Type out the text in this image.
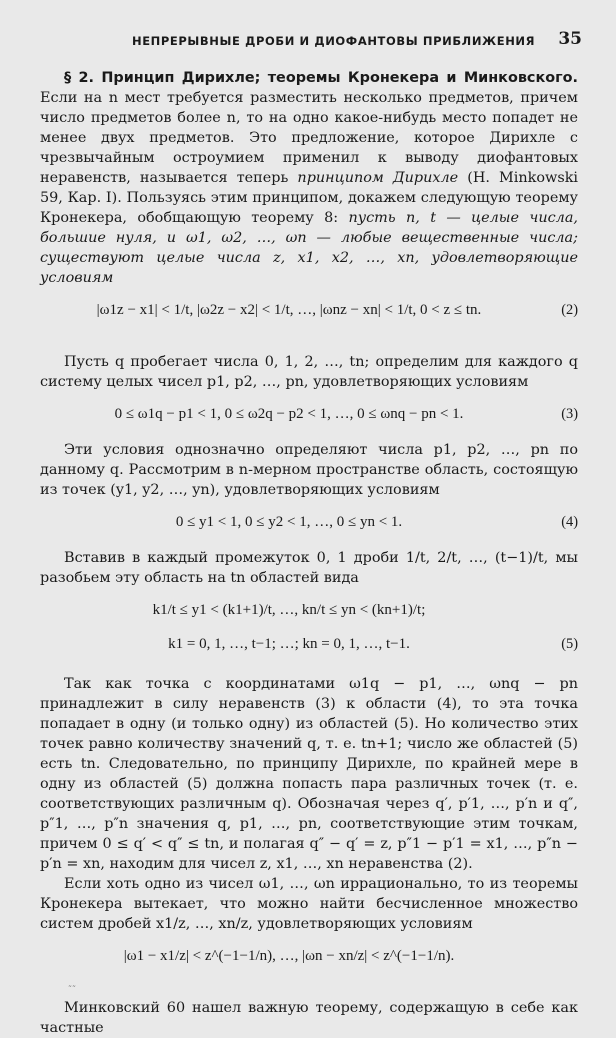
НЕПРЕРЫВНЫЕ ДРОБИ И ДИОФАНТОВЫ ПРИБЛИЖЕНИЯ 35

§ 2. Принцип Дирихле; теоремы Кронекера и Минковского. Если на n мест требуется разместить несколько предметов, причем число предметов более n, то на одно какое-нибудь место попадет не менее двух предметов. Это предложение, которое Дирихле с чрезвычайным остроумием применил к выводу диофантовых неравенств, называется теперь принципом Дирихле (H. Minkowski 59, Кар. I). Пользуясь этим принципом, докажем следующую теорему Кронекера, обобщающую теорему 8: пусть n, t — целые числа, большие нуля, и ω1, ω2, …, ωn — любые вещественные числа; существуют целые числа z, x1, x2, …, xn, удовлетворяющие условиям

|ω1z − x1| < 1/t, |ω2z − x2| < 1/t, …, |ωnz − xn| < 1/t, 0 < z ≤ tn.	(2)

Пусть q пробегает числа 0, 1, 2, …, tn; определим для каждого q систему целых чисел p1, p2, …, pn, удовлетворяющих условиям

0 ≤ ω1q − p1 < 1, 0 ≤ ω2q − p2 < 1, …, 0 ≤ ωnq − pn < 1.	(3)

Эти условия однозначно определяют числа p1, p2, …, pn по данному q. Рассмотрим в n-мерном пространстве область, состоящую из точек (y1, y2, …, yn), удовлетворяющих условиям

0 ≤ y1 < 1, 0 ≤ y2 < 1, …, 0 ≤ yn < 1.	(4)

Вставив в каждый промежуток 0, 1 дроби 1/t, 2/t, …, (t−1)/t, мы разобьем эту область на tn областей вида

k1/t ≤ y1 < (k1+1)/t, …, kn/t ≤ yn < (kn+1)/t;
k1 = 0, 1, …, t−1; …; kn = 0, 1, …, t−1.	(5)

Так как точка с координатами ω1q − p1, …, ωnq − pn принадлежит в силу неравенств (3) к области (4), то эта точка попадает в одну (и только одну) из областей (5). Но количество этих точек равно количеству значений q, т. е. tn+1; число же областей (5) есть tn. Следовательно, по принципу Дирихле, по крайней мере в одну из областей (5) должна попасть пара различных точек (т. е. соответствующих различным q). Обозначая через q′, p′1, …, p′n и q″, p″1, …, p″n значения q, p1, …, pn, соответствующие этим точкам, причем 0 ≤ q′ < q″ ≤ tn, и полагая q″ − q′ = z, p″1 − p′1 = x1, …, p″n − p′n = xn, находим для чисел z, x1, …, xn неравенства (2).

Если хоть одно из чисел ω1, …, ωn иррационально, то из теоремы Кронекера вытекает, что можно найти бесчисленное множество систем дробей x1/z, …, xn/z, удовлетворяющих условиям

|ω1 − x1/z| < z^(−1−1/n), …, |ωn − xn/z| < z^(−1−1/n).

Минковский 60 нашел важную теорему, содержащую в себе как частные

˜˜
